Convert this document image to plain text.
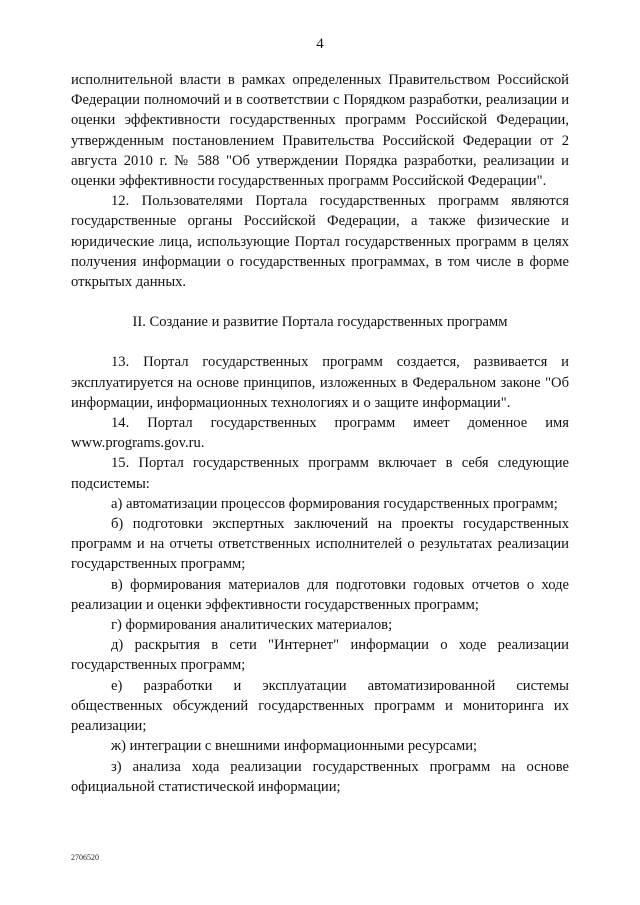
4

исполнительной власти в рамках определенных Правительством Российской Федерации полномочий и в соответствии с Порядком разработки, реализации и оценки эффективности государственных программ Российской Федерации, утвержденным постановлением Правительства Российской Федерации от 2 августа 2010 г. № 588 "Об утверждении Порядка разработки, реализации и оценки эффективности государственных программ Российской Федерации".

12. Пользователями Портала государственных программ являются государственные органы Российской Федерации, а также физические и юридические лица, использующие Портал государственных программ в целях получения информации о государственных программах, в том числе в форме открытых данных.

II. Создание и развитие Портала государственных программ

13. Портал государственных программ создается, развивается и эксплуатируется на основе принципов, изложенных в Федеральном законе "Об информации, информационных технологиях и о защите информации".

14. Портал государственных программ имеет доменное имя www.programs.gov.ru.

15. Портал государственных программ включает в себя следующие подсистемы:

а) автоматизации процессов формирования государственных программ;

б) подготовки экспертных заключений на проекты государственных программ и на отчеты ответственных исполнителей о результатах реализации государственных программ;

в) формирования материалов для подготовки годовых отчетов о ходе реализации и оценки эффективности государственных программ;

г) формирования аналитических материалов;

д) раскрытия в сети "Интернет" информации о ходе реализации государственных программ;

е) разработки и эксплуатации автоматизированной системы общественных обсуждений государственных программ и мониторинга их реализации;

ж) интеграции с внешними информационными ресурсами;

з) анализа хода реализации государственных программ на основе официальной статистической информации;

2706520
